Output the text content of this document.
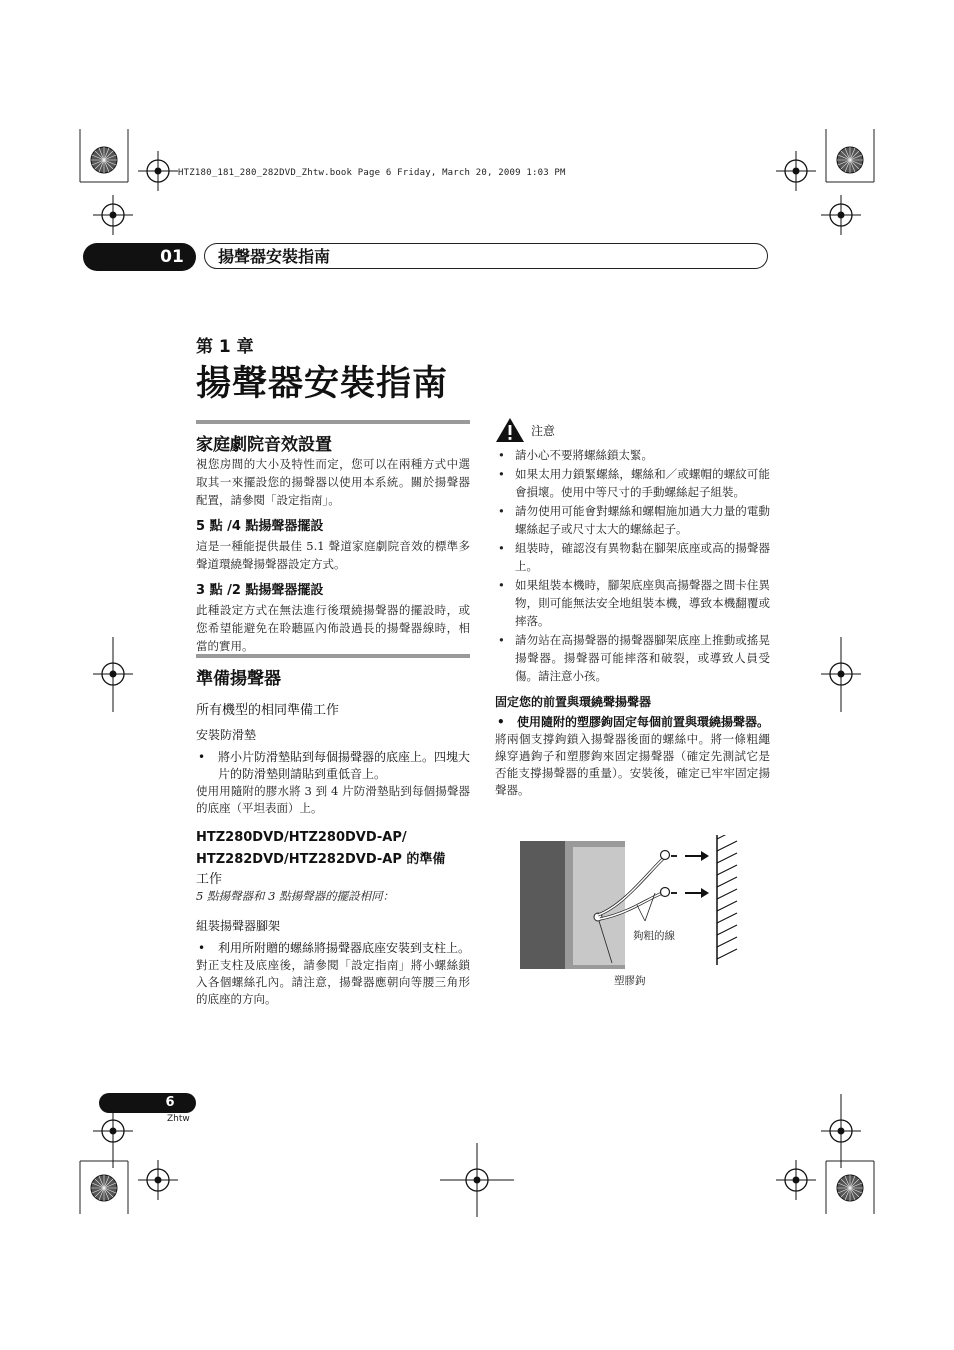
HTZ180_181_280_282DVD_Zhtw.book Page 6 Friday, March 20, 2009 1:03 PM
01	揚聲器安裝指南
第 1 章
揚聲器安裝指南
家庭劇院音效設置
視您房間的大小及特性而定，您可以在兩種方式中選取其一來擺設您的揚聲器以使用本系統。關於揚聲器配置，請參閱「設定指南」。
5 點 /4 點揚聲器擺設
這是一種能提供最佳 5.1 聲道家庭劇院音效的標準多聲道環繞聲揚聲器設定方式。
3 點 /2 點揚聲器擺設
此種設定方式在無法進行後環繞揚聲器的擺設時，或您希望能避免在聆聽區內佈設過長的揚聲器線時，相當的實用。
準備揚聲器
所有機型的相同準備工作
安裝防滑墊
• 將小片防滑墊貼到每個揚聲器的底座上。四塊大片的防滑墊則請貼到重低音上。
使用用隨附的膠水將 3 到 4 片防滑墊貼到每個揚聲器的底座（平坦表面）上。
HTZ280DVD/HTZ280DVD-AP/
HTZ282DVD/HTZ282DVD-AP 的準備
工作
5 點揚聲器和 3 點揚聲器的擺設相同：
組裝揚聲器腳架
• 利用所附贈的螺絲將揚聲器底座安裝到支柱上。
對正支柱及底座後，請參閱「設定指南」將小螺絲鎖入各個螺絲孔內。請注意，揚聲器應朝向等腰三角形的底座的方向。
注意
• 請小心不要將螺絲鎖太緊。
• 如果太用力鎖緊螺絲，螺絲和／或螺帽的螺紋可能會損壞。使用中等尺寸的手動螺絲起子組裝。
• 請勿使用可能會對螺絲和螺帽施加過大力量的電動螺絲起子或尺寸太大的螺絲起子。
• 組裝時，確認沒有異物黏在腳架底座或高的揚聲器上。
• 如果組裝本機時，腳架底座與高揚聲器之間卡住異物，則可能無法安全地組裝本機，導致本機翻覆或摔落。
• 請勿站在高揚聲器的揚聲器腳架底座上推動或搖晃揚聲器。揚聲器可能摔落和破裂，或導致人員受傷。請注意小孩。
固定您的前置與環繞聲揚聲器
• 使用隨附的塑膠鉤固定每個前置與環繞揚聲器。
將兩個支撐鉤鎖入揚聲器後面的螺絲中。將一條粗繩線穿過鉤子和塑膠鉤來固定揚聲器（確定先測試它是否能支撐揚聲器的重量）。安裝後，確定已牢牢固定揚聲器。
夠粗的線
塑膠鉤
6
Zhtw
